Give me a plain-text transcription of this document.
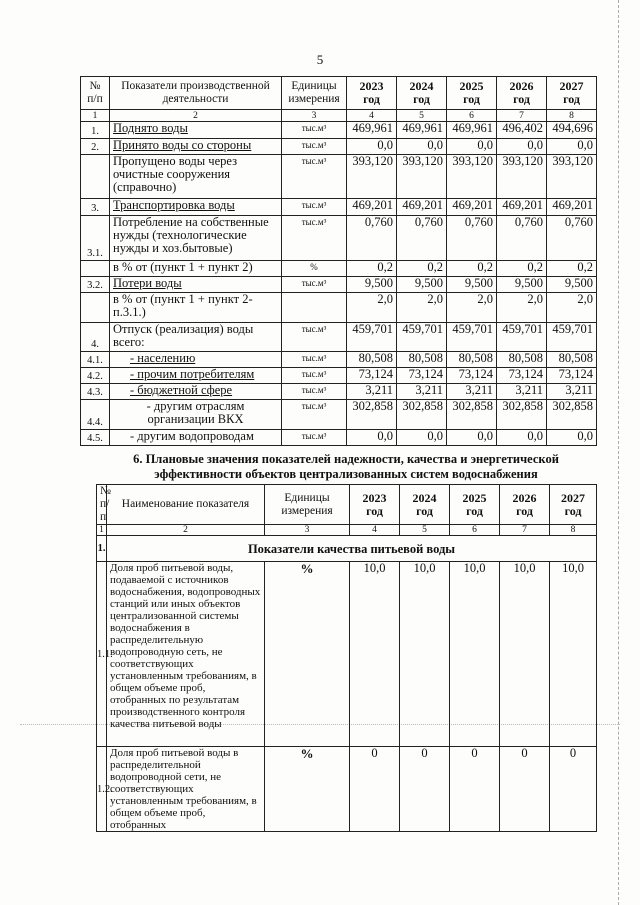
5
№ п/п	Показатели производственной деятельности	Единицы измерения	2023 год	2024 год	2025 год	2026 год	2027 год
1	2	3	4	5	6	7	8
1.	Поднято воды	тыс.м³	469,961	469,961	469,961	496,402	494,696
2.	Принято воды со стороны	тыс.м³	0,0	0,0	0,0	0,0	0,0
	Пропущено воды через очистные сооружения (справочно)	тыс.м³	393,120	393,120	393,120	393,120	393,120
3.	Транспортировка воды	тыс.м³	469,201	469,201	469,201	469,201	469,201
3.1.	Потребление на собственные нужды (технологические нужды и хоз.бытовые)	тыс.м³	0,760	0,760	0,760	0,760	0,760
	в % от (пункт 1 + пункт 2)	%	0,2	0,2	0,2	0,2	0,2
3.2.	Потери воды	тыс.м³	9,500	9,500	9,500	9,500	9,500
	в % от (пункт 1 + пункт 2- п.3.1.)		2,0	2,0	2,0	2,0	2,0
4.	Отпуск (реализация) воды всего:	тыс.м³	459,701	459,701	459,701	459,701	459,701
4.1.	- населению	тыс.м³	80,508	80,508	80,508	80,508	80,508
4.2.	- прочим потребителям	тыс.м³	73,124	73,124	73,124	73,124	73,124
4.3.	- бюджетной сфере	тыс.м³	3,211	3,211	3,211	3,211	3,211
4.4.	- другим отраслям организации ВКХ	тыс.м³	302,858	302,858	302,858	302,858	302,858
4.5.	- другим водопроводам	тыс.м³	0,0	0,0	0,0	0,0	0,0
6. Плановые значения показателей надежности, качества и энергетической эффективности объектов централизованных систем водоснабжения
№ п/п	Наименование показателя	Единицы измерения	2023 год	2024 год	2025 год	2026 год	2027 год
1	2	3	4	5	6	7	8
1.	Показатели качества питьевой воды						
1.1.	Доля проб питьевой воды, подаваемой с источников водоснабжения, водопроводных станций или иных объектов централизованной системы водоснабжения в распределительную водопроводную сеть, не соответствующих установленным требованиям, в общем объеме проб, отобранных по результатам производственного контроля качества питьевой воды	%	10,0	10,0	10,0	10,0	10,0
1.2.	Доля проб питьевой воды в распределительной водопроводной сети, не соответствующих установленным требованиям, в общем объеме проб, отобранных	%	0	0	0	0	0
